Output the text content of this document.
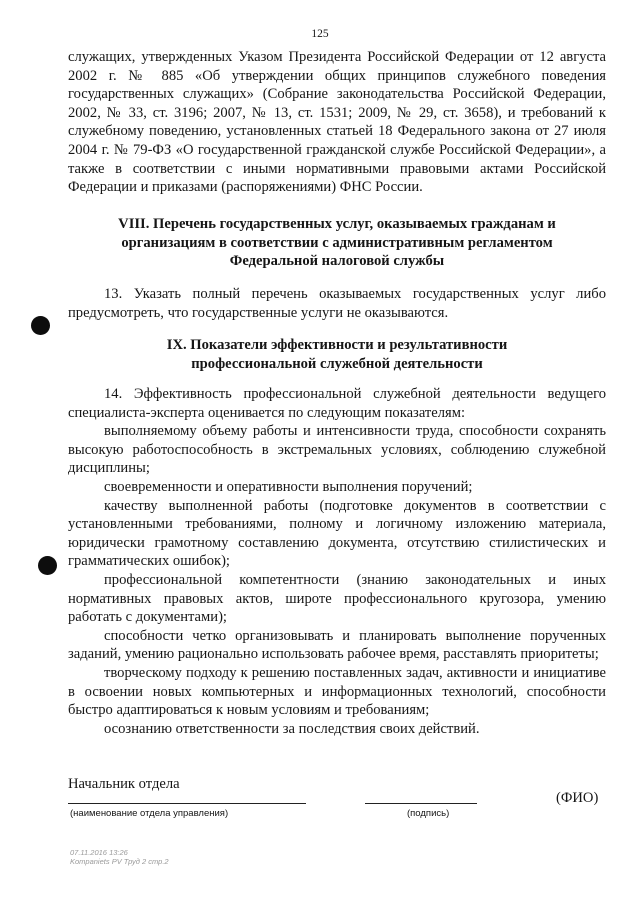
125

служащих, утвержденных Указом Президента Российской Федерации от 12 августа 2002 г. № 885 «Об утверждении общих принципов служебного поведения государственных служащих» (Собрание законодательства Российской Федерации, 2002, № 33, ст. 3196; 2007, № 13, ст. 1531; 2009, № 29, ст. 3658), и требований к служебному поведению, установленных статьей 18 Федерального закона от 27 июля 2004 г. № 79-ФЗ «О государственной гражданской службе Российской Федерации», а также в соответствии с иными нормативными правовыми актами Российской Федерации и приказами (распоряжениями) ФНС России.

VIII. Перечень государственных услуг, оказываемых гражданам и
организациям в соответствии с административным регламентом
Федеральной налоговой службы

13. Указать полный перечень оказываемых государственных услуг либо предусмотреть, что государственные услуги не оказываются.

IX. Показатели эффективности и результативности
профессиональной служебной деятельности

14. Эффективность профессиональной служебной деятельности ведущего специалиста-эксперта оценивается по следующим показателям:

выполняемому объему работы и интенсивности труда, способности сохранять высокую работоспособность в экстремальных условиях, соблюдению служебной дисциплины;

своевременности и оперативности выполнения поручений;

качеству выполненной работы (подготовке документов в соответствии с установленными требованиями, полному и логичному изложению материала, юридически грамотному составлению документа, отсутствию стилистических и грамматических ошибок);

профессиональной компетентности (знанию законодательных и иных нормативных правовых актов, широте профессионального кругозора, умению работать с документами);

способности четко организовывать и планировать выполнение порученных заданий, умению рационально использовать рабочее время, расставлять приоритеты;

творческому подходу к решению поставленных задач, активности и инициативе в освоении новых компьютерных и информационных технологий, способности быстро адаптироваться к новым условиям и требованиям;

осознанию ответственности за последствия своих действий.

Начальник отдела
(ФИО)
(наименование отдела управления)	(подпись)
07.11.2016 13:26
Kompaniets PV Труд 2 стр.2
